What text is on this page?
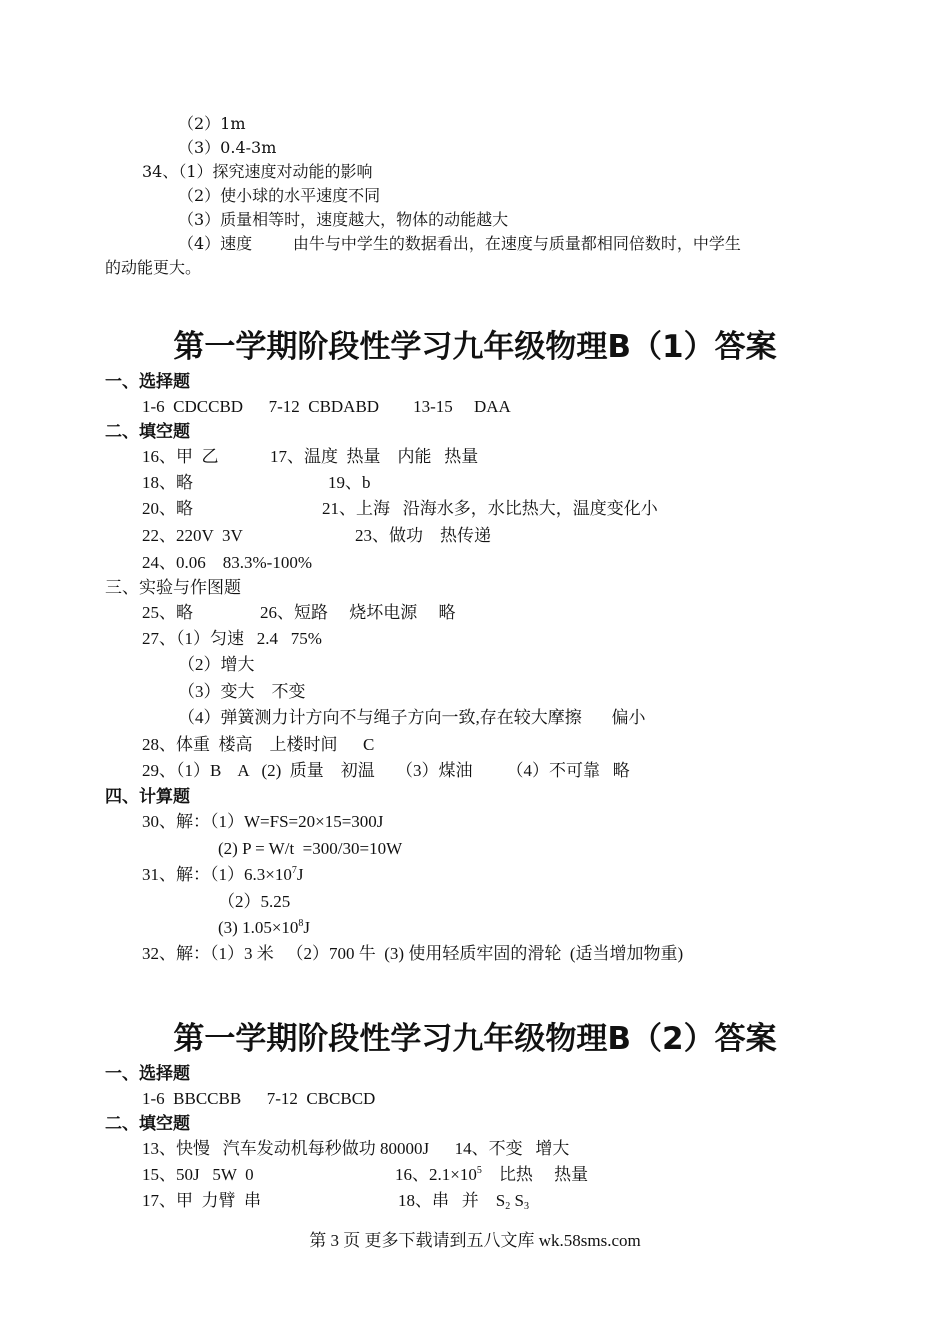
（2）1m
（3）0.4-3m
34、（1）探究速度对动能的影响
（2）使小球的水平速度不同
（3）质量相等时，速度越大，物体的动能越大
（4）速度        由牛与中学生的数据看出，在速度与质量都相同倍数时，中学生
的动能更大。
第一学期阶段性学习九年级物理B（1）答案
一、选择题
1-6  CDCCBD      7-12  CBDABD        13-15     DAA
二、填空题
16、甲  乙	17、温度  热量    内能   热量
18、略	19、b
20、略	21、上海   沿海水多，水比热大，温度变化小
22、220V  3V	23、做功    热传递
24、0.06    83.3%-100%
三、实验与作图题
25、略	26、短路     烧坏电源     略
27、（1）匀速   2.4   75%
（2）增大
（3）变大    不变
（4）弹簧测力计方向不与绳子方向一致,存在较大摩擦       偏小
28、体重  楼高    上楼时间      C
29、（1）B    A   (2)  质量    初温     （3）煤油        （4）不可靠   略
四、计算题
30、解：（1）W=FS=20×15=300J
(2) P = W/t  =300/30=10W
31、解：$(1)6.3\times 10^7J$
（2）5.25
(3) $1.05\times 10^8J$
32、解：（1）3 米   （2）700 牛  (3) 使用轻质牢固的滑轮  (适当增加物重)
第一学期阶段性学习九年级物理B（2）答案
一、选择题
1-6  BBCCBB      7-12  CBCBCD
二、填空题
13、快慢   汽车发动机每秒做功 80000J      14、不变   增大
15、50J   5W  0	16、$2.1\times 10^5$    比热     热量
17、甲  力臂  串	18、串   并    $S_2$ $S_3$
第 3 页 更多下载请到五八文库 wk.58sms.com
